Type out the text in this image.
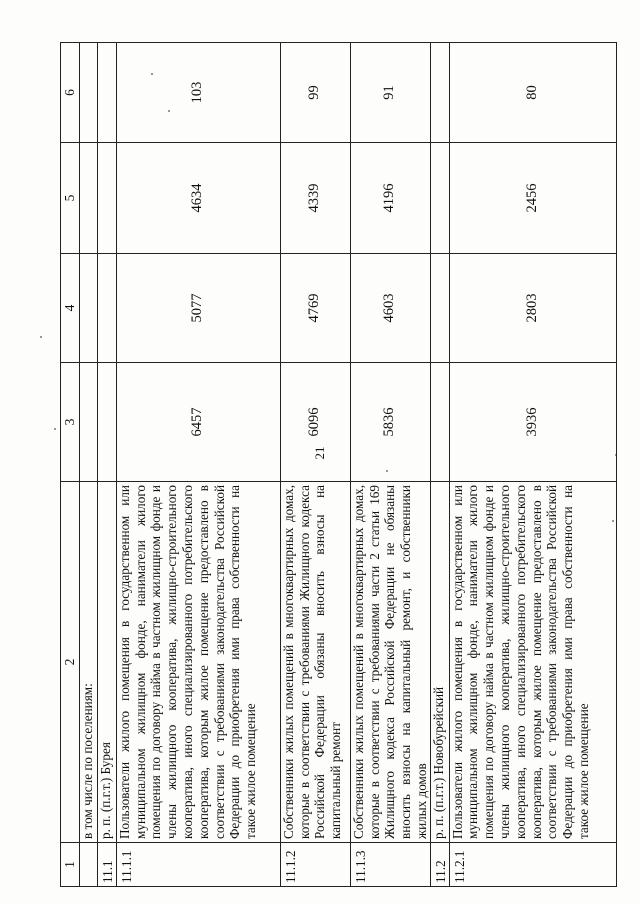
21
1	2	3	4	5	6
	в том числе по поселениям:				
11.1	р. п. (п.г.т.) Бурея				
11.1.1	Пользователи жилого помещения в государственном или муниципальном жилищном фонде, наниматели жилого помещения по договору найма в частном жилищном фонде и члены жилищного кооператива, жилищно-строительного кооператива, иного специализированного потребительского кооператива, которым жилое помещение предоставлено в соответствии с требованиями законодательства Российской Федерации до приобретения ими права собственности на такое жилое помещение	6457	5077	4634	103
11.1.2	Собственники жилых помещений в многоквартирных домах, которые в соответствии с требованиями Жилищного кодекса Российской Федерации обязаны вносить взносы на капитальный ремонт	6096	4769	4339	99
11.1.3	Собственники жилых помещений в многоквартирных домах, которые в соответствии с требованиями части 2 статьи 169 Жилищного кодекса Российской Федерации не обязаны вносить взносы на капитальный ремонт, и собственники жилых домов	5836	4603	4196	91
11.2	р. п. (п.г.т.) Новобурейский				
11.2.1	Пользователи жилого помещения в государственном или муниципальном жилищном фонде, наниматели жилого помещения по договору найма в частном жилищном фонде и члены жилищного кооператива, жилищно-строительного кооператива, иного специализированного потребительского кооператива, которым жилое помещение предоставлено в соответствии с требованиями законодательства Российской Федерации до приобретения ими права собственности на такое жилое помещение	3936	2803	2456	80
